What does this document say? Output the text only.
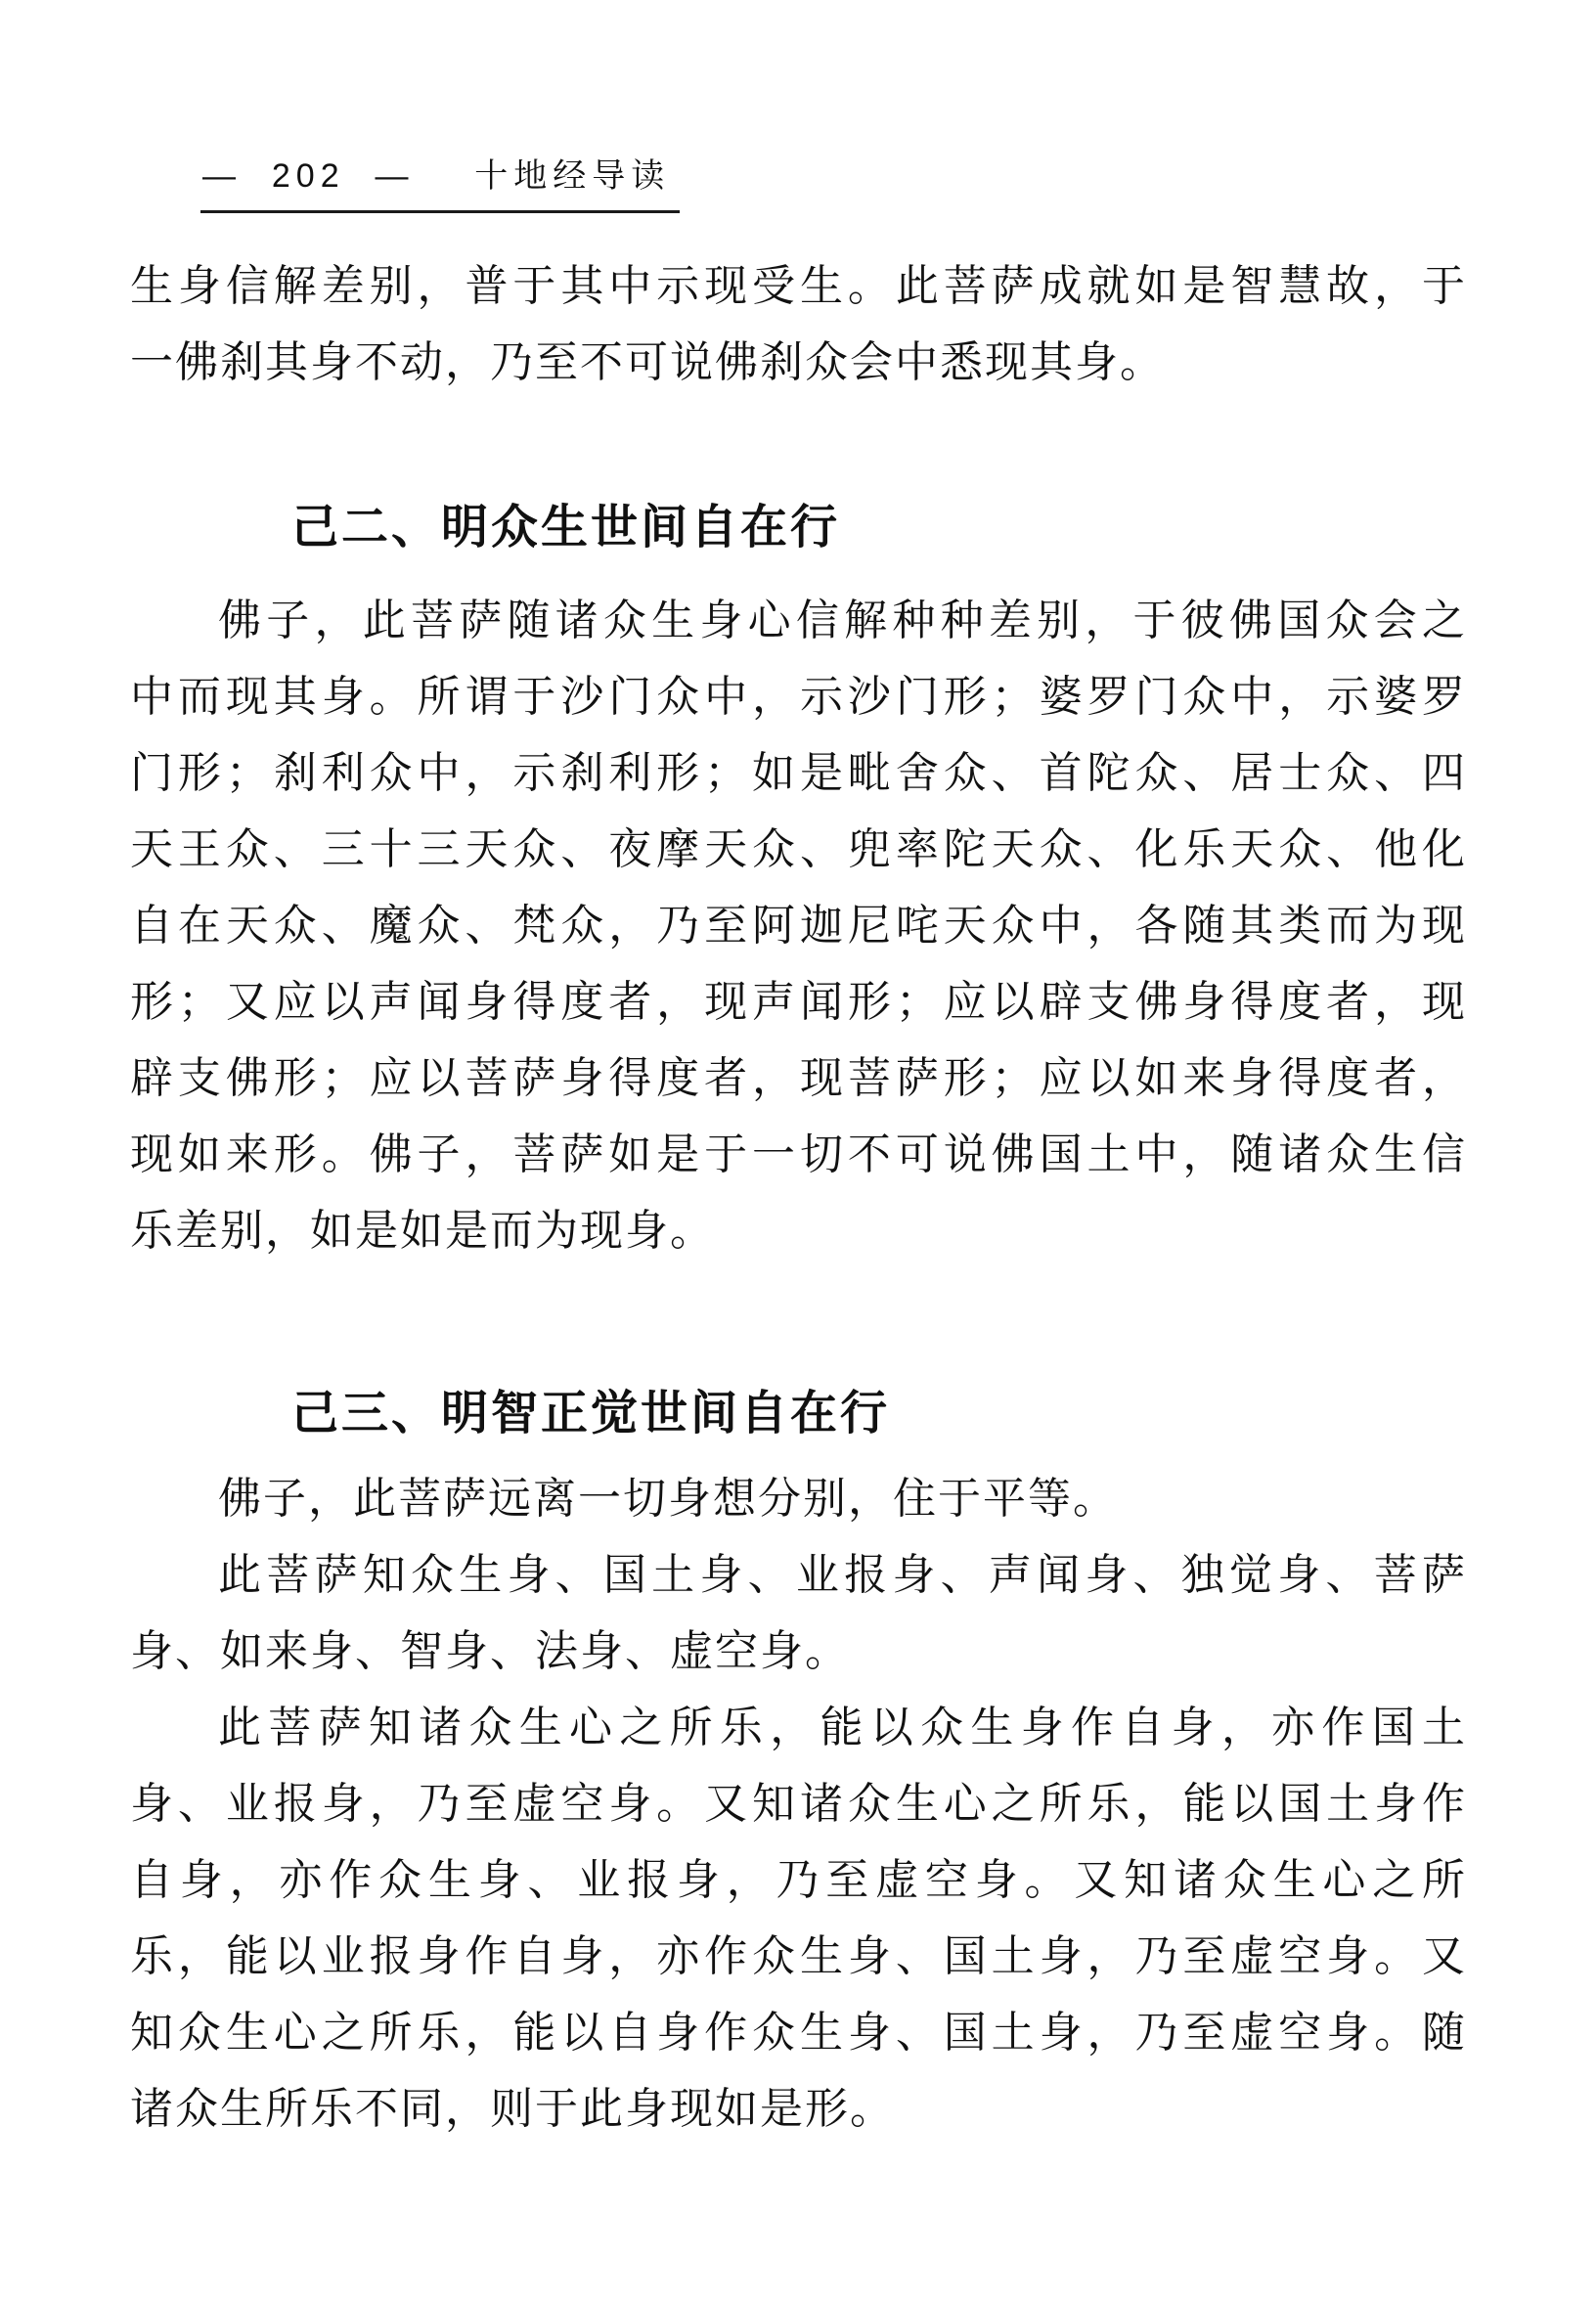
—  202  —    十地经导读
生身信解差别，普于其中示现受生。此菩萨成就如是智慧故，于
一佛刹其身不动，乃至不可说佛刹众会中悉现其身。
己二、明众生世间自在行
佛子，此菩萨随诸众生身心信解种种差别，于彼佛国众会之
中而现其身。所谓于沙门众中，示沙门形；婆罗门众中，示婆罗
门形；刹利众中，示刹利形；如是毗舍众、首陀众、居士众、四
天王众、三十三天众、夜摩天众、兜率陀天众、化乐天众、他化
自在天众、魔众、梵众，乃至阿迦尼咤天众中，各随其类而为现
形；又应以声闻身得度者，现声闻形；应以辟支佛身得度者，现
辟支佛形；应以菩萨身得度者，现菩萨形；应以如来身得度者，
现如来形。佛子，菩萨如是于一切不可说佛国土中，随诸众生信
乐差别，如是如是而为现身。
己三、明智正觉世间自在行
佛子，此菩萨远离一切身想分别，住于平等。
此菩萨知众生身、国土身、业报身、声闻身、独觉身、菩萨
身、如来身、智身、法身、虚空身。
此菩萨知诸众生心之所乐，能以众生身作自身，亦作国土
身、业报身，乃至虚空身。又知诸众生心之所乐，能以国土身作
自身，亦作众生身、业报身，乃至虚空身。又知诸众生心之所
乐，能以业报身作自身，亦作众生身、国土身，乃至虚空身。又
知众生心之所乐，能以自身作众生身、国土身，乃至虚空身。随
诸众生所乐不同，则于此身现如是形。
